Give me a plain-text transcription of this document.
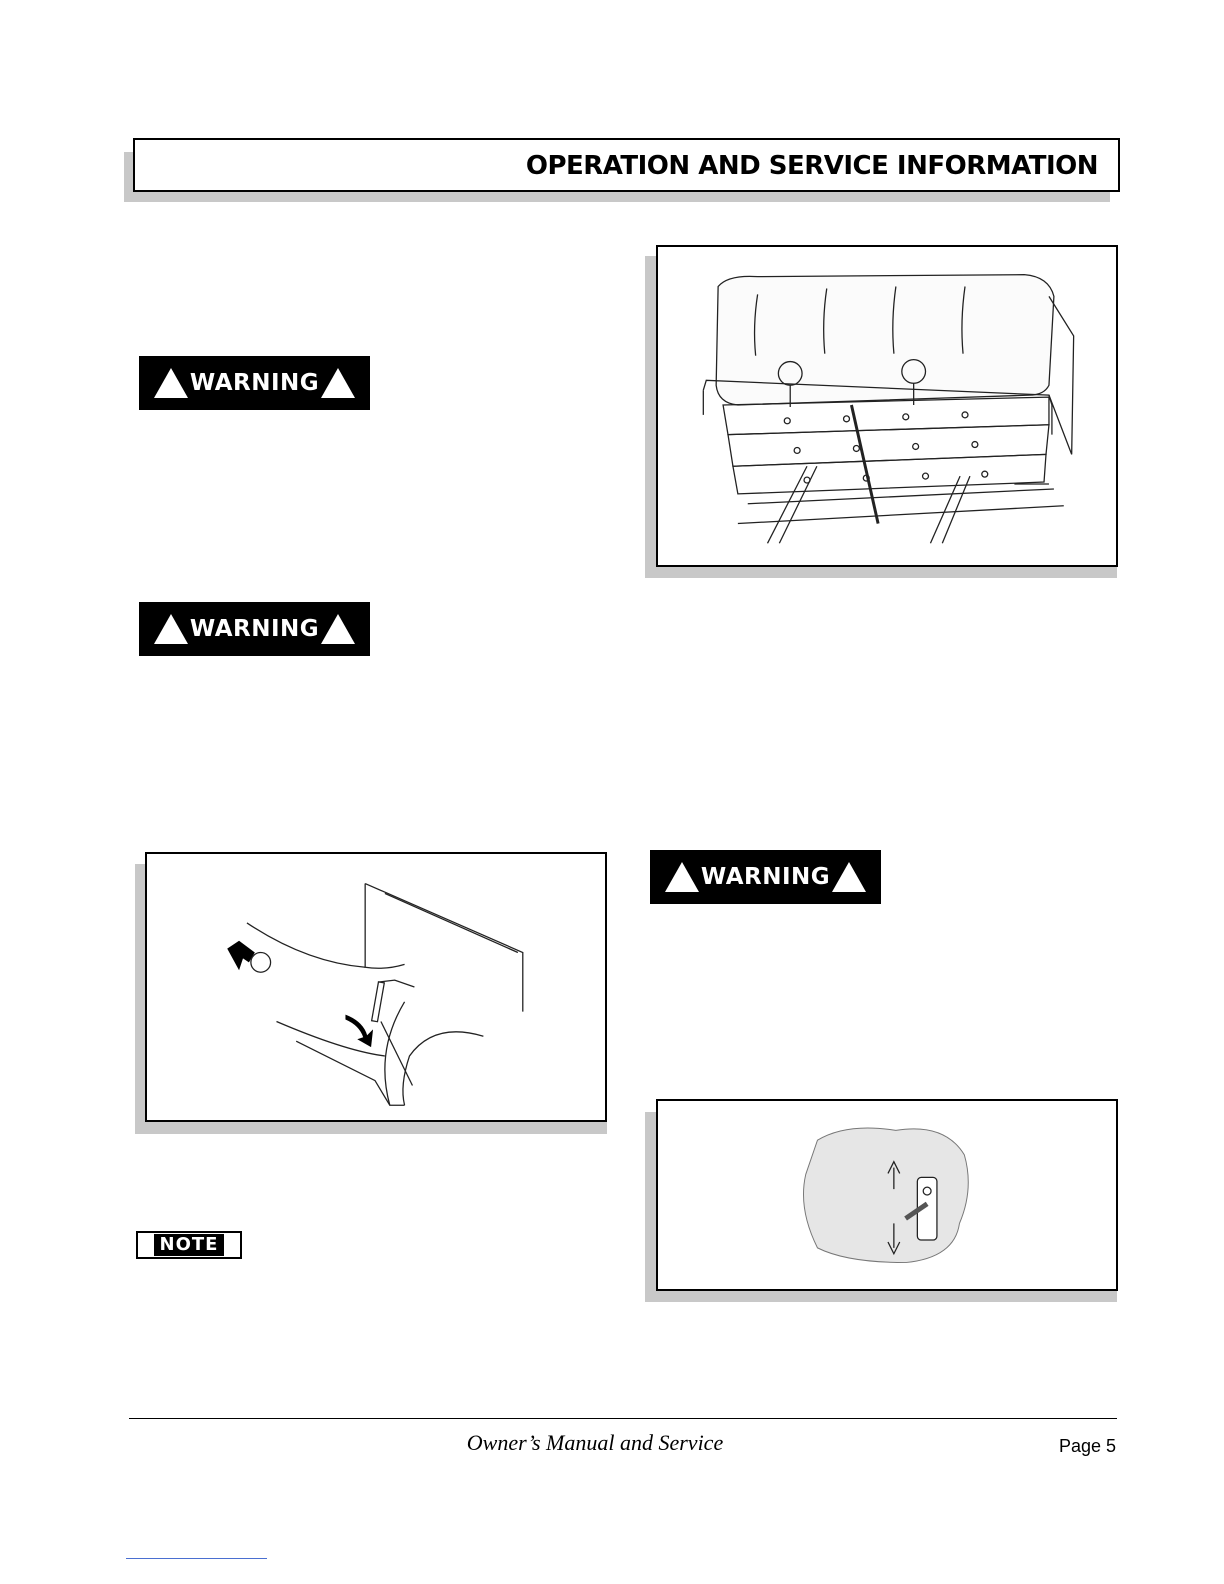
OPERATION AND SERVICE INFORMATION
WARNING
WARNING
WARNING
NOTE
Owner’s Manual and Service	Page 5
